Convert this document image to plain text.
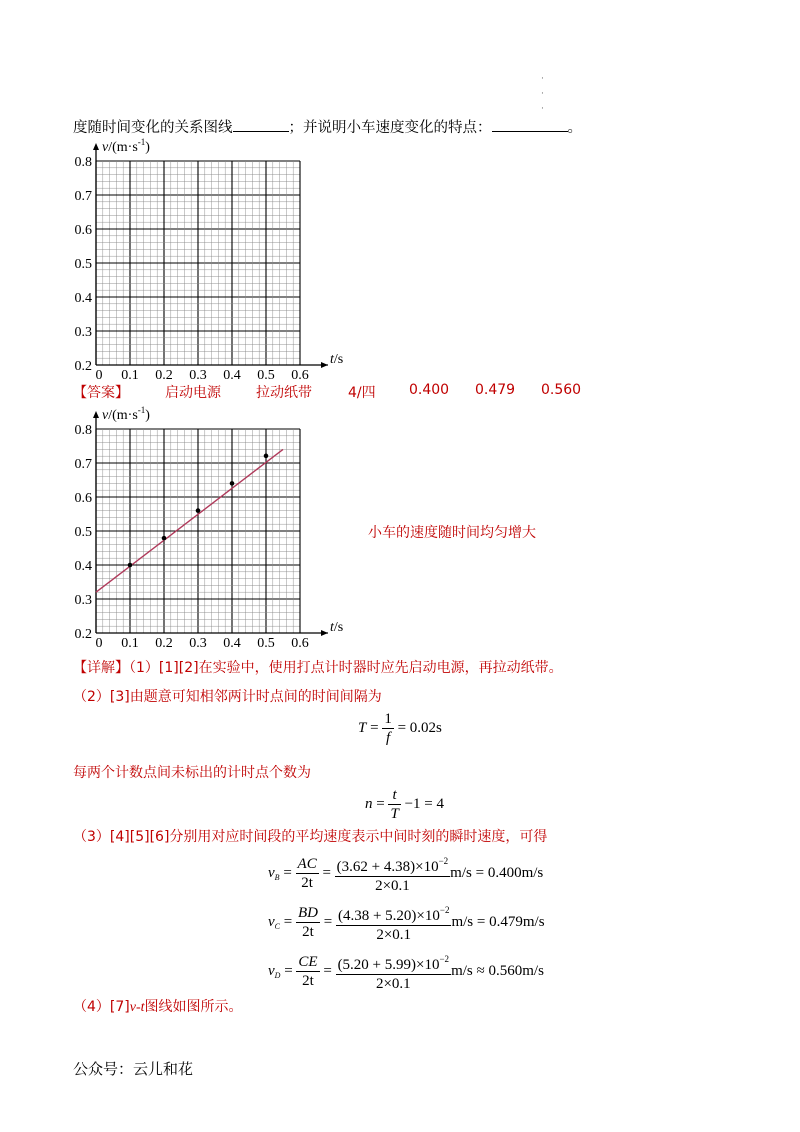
·
·
·
度随时间变化的关系图线	；并说明小车速度变化的特点：	。
0 0.1 0.2 0.3 0.4 0.5 0.6
0.2
0.3
0.4
0.5
0.6
0.7
0.8
t/s
$v/(m\cdot s^{-1})$
【答案】	启动电源	拉动纸带	4/四 0.400 0.479 0.560
0 0.1 0.2 0.3 0.4 0.5 0.6
0.2
0.3
0.4
0.5
0.6
0.7
0.8
t/s
$v/(m\cdot s^{-1})$
小车的速度随时间均匀增大
【详解】（1）[1][2]在实验中，使用打点计时器时应先启动电源，再拉动纸带。
（2）[3]由题意可知相邻两计时点间的时间间隔为
$T = \frac{1}{f} = 0.02s$
每两个计数点间未标出的计时点个数为
$n = \frac{t}{T} -1 = 4$
（3）[4][5][6]分别用对应时间段的平均速度表示中间时刻的瞬时速度，可得
$v_B = \frac{AC}{2t} = \frac{(3.62 + 4.38)\times 10^{-2}}{2\times 0.1} m/s = 0.400m/s$
$v_C = \frac{BD}{2t} = \frac{(4.38 + 5.20)\times 10^{-2}}{2\times 0.1} m/s = 0.479m/s$
$v_D = \frac{CE}{2t} = \frac{(5.20 + 5.99)\times 10^{-2}}{2\times 0.1} m/s \approx 0.560m/s$
（4）[7]v-t图线如图所示。
公众号：云儿和花
